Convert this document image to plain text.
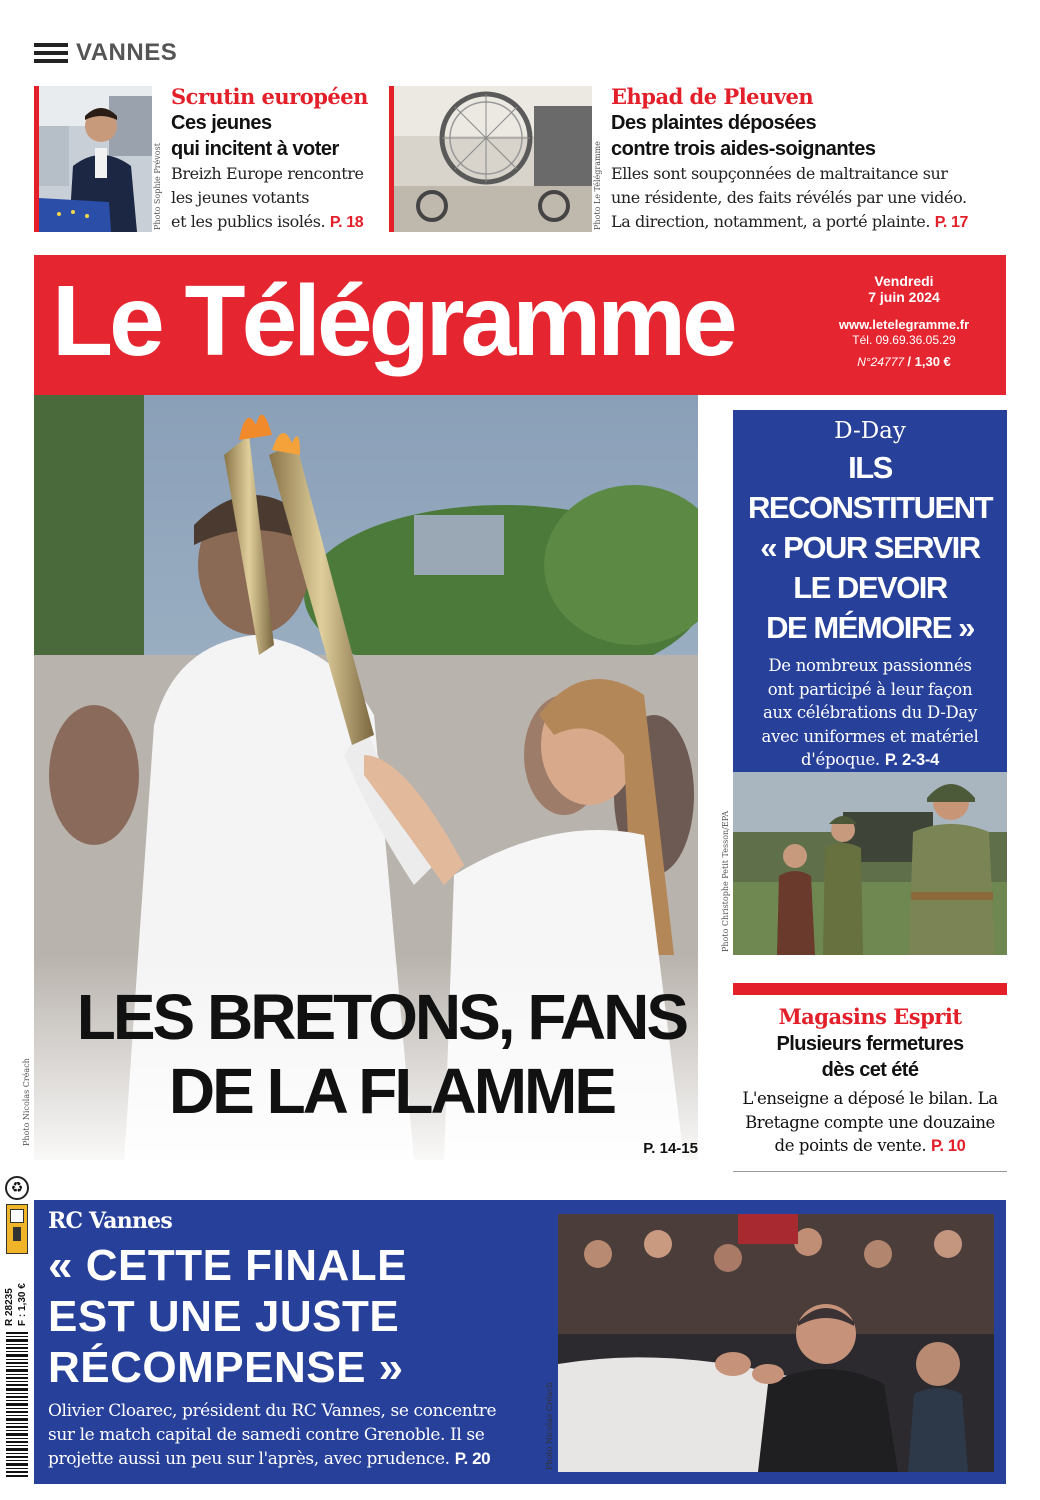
VANNES
Photo Sophie Prévost
Scrutin européen
Ces jeunes
qui incitent à voter
Breizh Europe rencontre
les jeunes votants
et les publics isolés. P. 18	Photo Le Télégramme
Ehpad de Pleuven
Des plaintes déposées
contre trois aides-soignantes
Elles sont soupçonnées de maltraitance sur
une résidente, des faits révélés par une vidéo.
La direction, notamment, a porté plainte. P. 17
Le Télégramme	Vendredi
7 juin 2024
www.letelegramme.fr
Tél. 09.69.36.05.29
N°24777 / 1,30 €
Photo Nicolas Créach
LES BRETONS, FANS
DE LA FLAMME
P. 14-15
D-Day
ILS
RECONSTITUENT
« POUR SERVIR
LE DEVOIR
DE MÉMOIRE »
De nombreux passionnés
ont participé à leur façon
aux célébrations du D-Day
avec uniformes et matériel
d'époque. P. 2-3-4
Photo Christophe Petit Tesson/EPA
Magasins Esprit
Plusieurs fermetures
dès cet été
L'enseigne a déposé le bilan. La
Bretagne compte une douzaine
de points de vente. P. 10
♻
R 28235 F : 1,30 €
RC Vannes
« CETTE FINALE
EST UNE JUSTE
RÉCOMPENSE »
Olivier Cloarec, président du RC Vannes, se concentre
sur le match capital de samedi contre Grenoble. Il se
projette aussi un peu sur l'après, avec prudence. P. 20	Photo Nicolas Créach
